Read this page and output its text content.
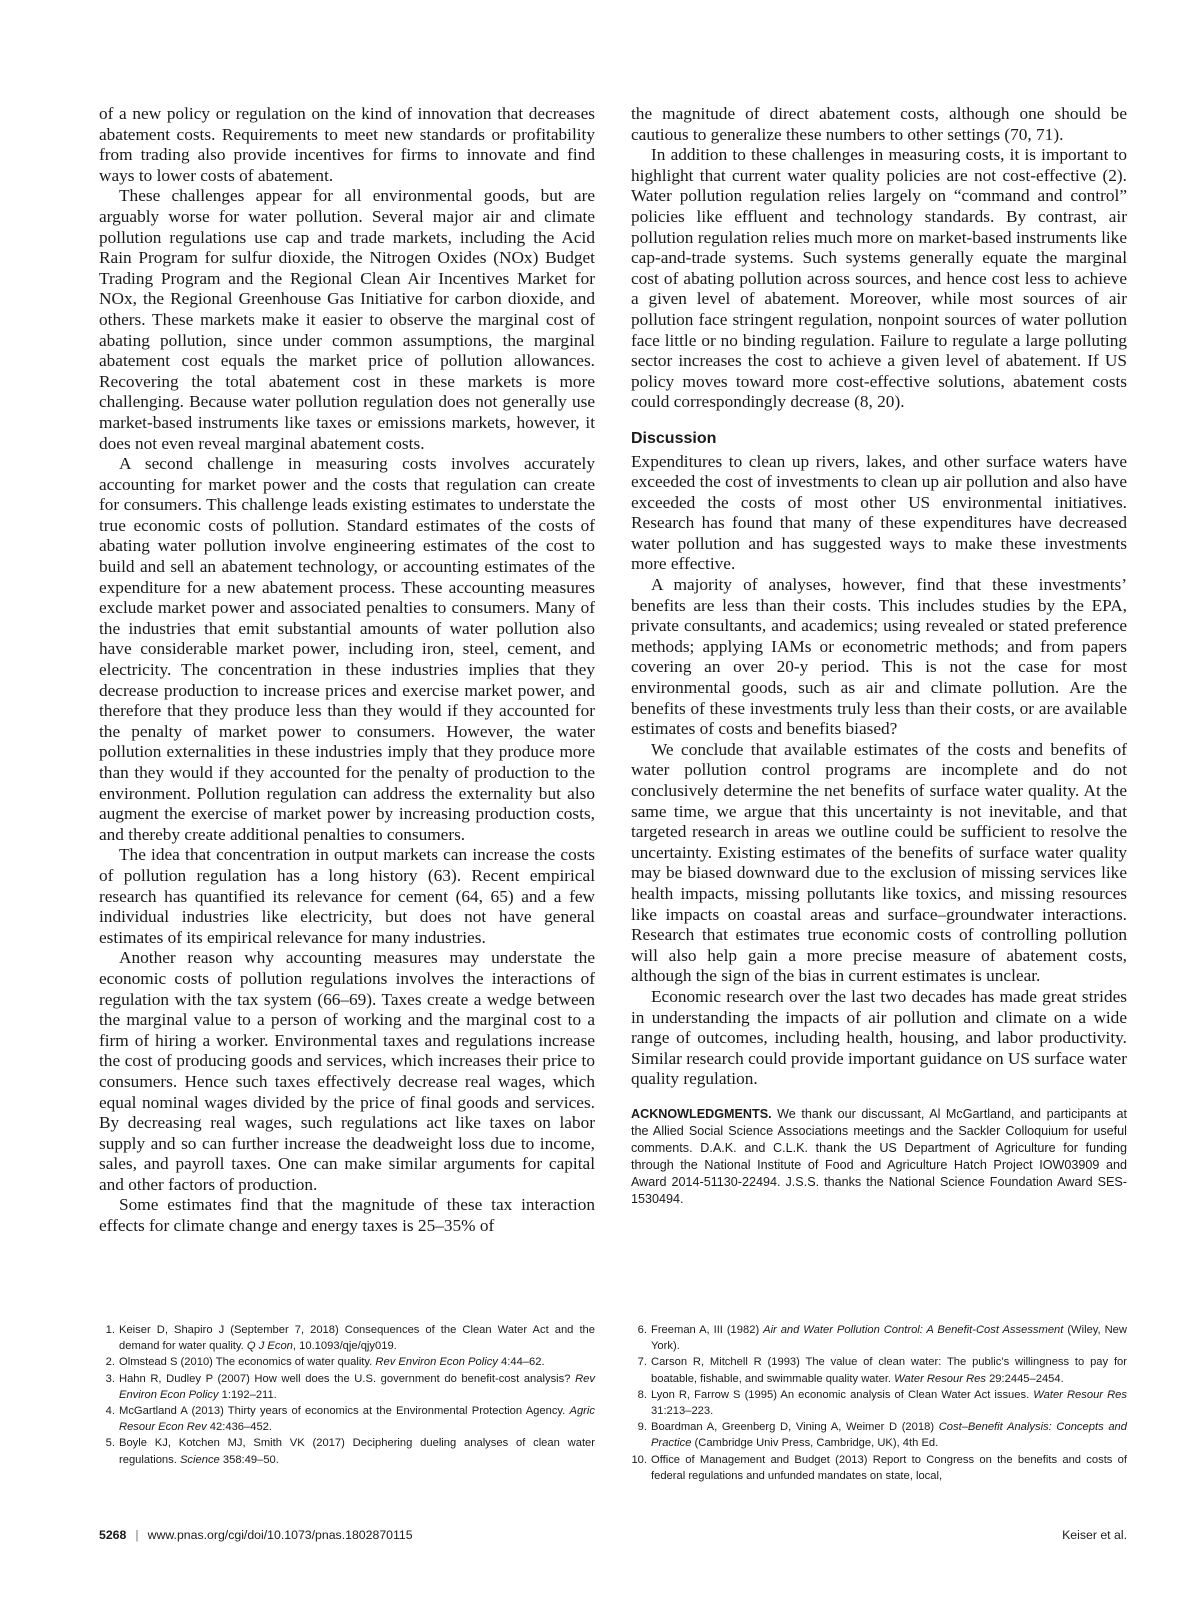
of a new policy or regulation on the kind of innovation that decreases abatement costs. Requirements to meet new standards or profitability from trading also provide incentives for firms to innovate and find ways to lower costs of abatement.

These challenges appear for all environmental goods, but are arguably worse for water pollution. Several major air and climate pollution regulations use cap and trade markets, including the Acid Rain Program for sulfur dioxide, the Nitrogen Oxides (NOx) Budget Trading Program and the Regional Clean Air Incentives Market for NOx, the Regional Greenhouse Gas Initiative for carbon dioxide, and others. These markets make it easier to observe the marginal cost of abating pollution, since under common assumptions, the marginal abatement cost equals the market price of pollution allowances. Recovering the total abatement cost in these markets is more challenging. Because water pollution regulation does not generally use market-based instruments like taxes or emissions markets, however, it does not even reveal marginal abatement costs.

A second challenge in measuring costs involves accurately accounting for market power and the costs that regulation can create for consumers. This challenge leads existing estimates to understate the true economic costs of pollution. Standard estimates of the costs of abating water pollution involve engineering estimates of the cost to build and sell an abatement technology, or accounting estimates of the expenditure for a new abatement process. These accounting measures exclude market power and associated penalties to consumers. Many of the industries that emit substantial amounts of water pollution also have considerable market power, including iron, steel, cement, and electricity. The concentration in these industries implies that they decrease production to increase prices and exercise market power, and therefore that they produce less than they would if they accounted for the penalty of market power to consumers. However, the water pollution externalities in these industries imply that they produce more than they would if they accounted for the penalty of production to the environment. Pollution regulation can address the externality but also augment the exercise of market power by increasing production costs, and thereby create additional penalties to consumers.

The idea that concentration in output markets can increase the costs of pollution regulation has a long history (63). Recent empirical research has quantified its relevance for cement (64, 65) and a few individual industries like electricity, but does not have general estimates of its empirical relevance for many industries.

Another reason why accounting measures may understate the economic costs of pollution regulations involves the interactions of regulation with the tax system (66–69). Taxes create a wedge between the marginal value to a person of working and the marginal cost to a firm of hiring a worker. Environmental taxes and regulations increase the cost of producing goods and services, which increases their price to consumers. Hence such taxes effectively decrease real wages, which equal nominal wages divided by the price of final goods and services. By decreasing real wages, such regulations act like taxes on labor supply and so can further increase the deadweight loss due to income, sales, and payroll taxes. One can make similar arguments for capital and other factors of production.

Some estimates find that the magnitude of these tax interaction effects for climate change and energy taxes is 25–35% of

the magnitude of direct abatement costs, although one should be cautious to generalize these numbers to other settings (70, 71).

In addition to these challenges in measuring costs, it is important to highlight that current water quality policies are not cost-effective (2). Water pollution regulation relies largely on “command and control” policies like effluent and technology standards. By contrast, air pollution regulation relies much more on market-based instruments like cap-and-trade systems. Such systems generally equate the marginal cost of abating pollution across sources, and hence cost less to achieve a given level of abatement. Moreover, while most sources of air pollution face stringent regulation, nonpoint sources of water pollution face little or no binding regulation. Failure to regulate a large polluting sector increases the cost to achieve a given level of abatement. If US policy moves toward more cost-effective solutions, abatement costs could correspondingly decrease (8, 20).

Discussion

Expenditures to clean up rivers, lakes, and other surface waters have exceeded the cost of investments to clean up air pollution and also have exceeded the costs of most other US environmental initiatives. Research has found that many of these expenditures have decreased water pollution and has suggested ways to make these investments more effective.

A majority of analyses, however, find that these investments’ benefits are less than their costs. This includes studies by the EPA, private consultants, and academics; using revealed or stated preference methods; applying IAMs or econometric methods; and from papers covering an over 20-y period. This is not the case for most environmental goods, such as air and climate pollution. Are the benefits of these investments truly less than their costs, or are available estimates of costs and benefits biased?

We conclude that available estimates of the costs and benefits of water pollution control programs are incomplete and do not conclusively determine the net benefits of surface water quality. At the same time, we argue that this uncertainty is not inevitable, and that targeted research in areas we outline could be sufficient to resolve the uncertainty. Existing estimates of the benefits of surface water quality may be biased downward due to the exclusion of missing services like health impacts, missing pollutants like toxics, and missing resources like impacts on coastal areas and surface–groundwater interactions. Research that estimates true economic costs of controlling pollution will also help gain a more precise measure of abatement costs, although the sign of the bias in current estimates is unclear.

Economic research over the last two decades has made great strides in understanding the impacts of air pollution and climate on a wide range of outcomes, including health, housing, and labor productivity. Similar research could provide important guidance on US surface water quality regulation.

ACKNOWLEDGMENTS. We thank our discussant, Al McGartland, and participants at the Allied Social Science Associations meetings and the Sackler Colloquium for useful comments. D.A.K. and C.L.K. thank the US Department of Agriculture for funding through the National Institute of Food and Agriculture Hatch Project IOW03909 and Award 2014-51130-22494. J.S.S. thanks the National Science Foundation Award SES-1530494.
1. Keiser D, Shapiro J (September 7, 2018) Consequences of the Clean Water Act and the demand for water quality. Q J Econ, 10.1093/qje/qjy019.
2. Olmstead S (2010) The economics of water quality. Rev Environ Econ Policy 4:44–62.
3. Hahn R, Dudley P (2007) How well does the U.S. government do benefit-cost analysis? Rev Environ Econ Policy 1:192–211.
4. McGartland A (2013) Thirty years of economics at the Environmental Protection Agency. Agric Resour Econ Rev 42:436–452.
5. Boyle KJ, Kotchen MJ, Smith VK (2017) Deciphering dueling analyses of clean water regulations. Science 358:49–50.
6. Freeman A, III (1982) Air and Water Pollution Control: A Benefit-Cost Assessment (Wiley, New York).
7. Carson R, Mitchell R (1993) The value of clean water: The public’s willingness to pay for boatable, fishable, and swimmable quality water. Water Resour Res 29:2445–2454.
8. Lyon R, Farrow S (1995) An economic analysis of Clean Water Act issues. Water Resour Res 31:213–223.
9. Boardman A, Greenberg D, Vining A, Weimer D (2018) Cost–Benefit Analysis: Concepts and Practice (Cambridge Univ Press, Cambridge, UK), 4th Ed.
10. Office of Management and Budget (2013) Report to Congress on the benefits and costs of federal regulations and unfunded mandates on state, local,
5268 | www.pnas.org/cgi/doi/10.1073/pnas.1802870115	Keiser et al.
